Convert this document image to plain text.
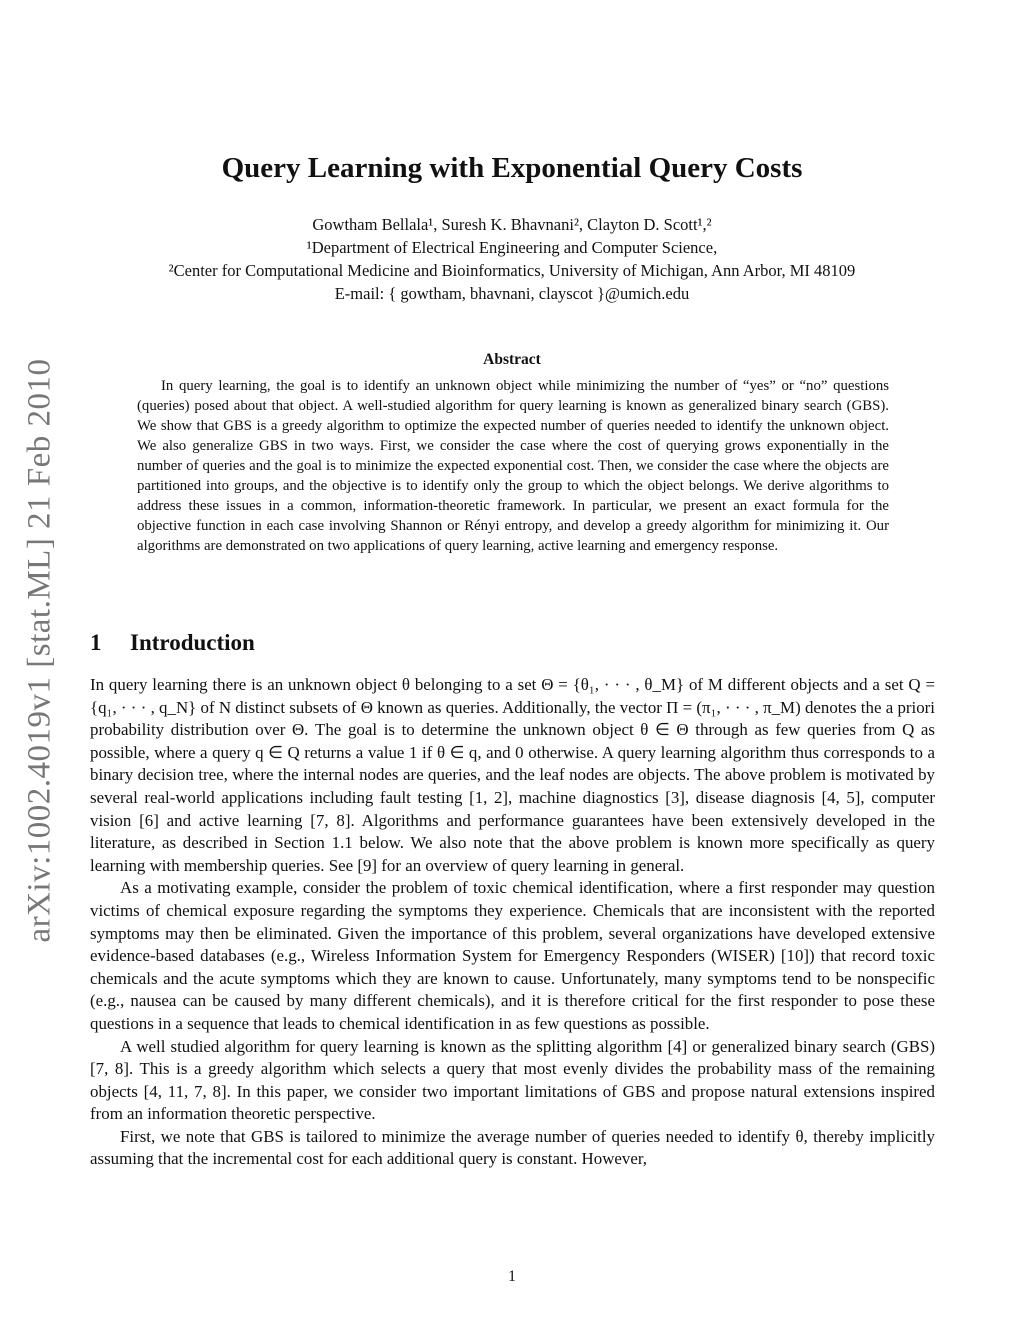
arXiv:1002.4019v1 [stat.ML] 21 Feb 2010
Query Learning with Exponential Query Costs
Gowtham Bellala¹, Suresh K. Bhavnani², Clayton D. Scott¹,²
¹Department of Electrical Engineering and Computer Science,
²Center for Computational Medicine and Bioinformatics, University of Michigan, Ann Arbor, MI 48109
E-mail: { gowtham, bhavnani, clayscot }@umich.edu
Abstract
In query learning, the goal is to identify an unknown object while minimizing the number of “yes” or “no” questions (queries) posed about that object. A well-studied algorithm for query learning is known as generalized binary search (GBS). We show that GBS is a greedy algorithm to optimize the expected number of queries needed to identify the unknown object. We also generalize GBS in two ways. First, we consider the case where the cost of querying grows exponentially in the number of queries and the goal is to minimize the expected exponential cost. Then, we consider the case where the objects are partitioned into groups, and the objective is to identify only the group to which the object belongs. We derive algorithms to address these issues in a common, information-theoretic framework. In particular, we present an exact formula for the objective function in each case involving Shannon or Rényi entropy, and develop a greedy algorithm for minimizing it. Our algorithms are demonstrated on two applications of query learning, active learning and emergency response.
1 Introduction

In query learning there is an unknown object θ belonging to a set Θ = {θ₁, · · · , θ_M} of M different objects and a set Q = {q₁, · · · , q_N} of N distinct subsets of Θ known as queries. Additionally, the vector Π = (π₁, · · · , π_M) denotes the a priori probability distribution over Θ. The goal is to determine the unknown object θ ∈ Θ through as few queries from Q as possible, where a query q ∈ Q returns a value 1 if θ ∈ q, and 0 otherwise. A query learning algorithm thus corresponds to a binary decision tree, where the internal nodes are queries, and the leaf nodes are objects. The above problem is motivated by several real-world applications including fault testing [1, 2], machine diagnostics [3], disease diagnosis [4, 5], computer vision [6] and active learning [7, 8]. Algorithms and performance guarantees have been extensively developed in the literature, as described in Section 1.1 below. We also note that the above problem is known more specifically as query learning with membership queries. See [9] for an overview of query learning in general.

As a motivating example, consider the problem of toxic chemical identification, where a first responder may question victims of chemical exposure regarding the symptoms they experience. Chemicals that are inconsistent with the reported symptoms may then be eliminated. Given the importance of this problem, several organizations have developed extensive evidence-based databases (e.g., Wireless Information System for Emergency Responders (WISER) [10]) that record toxic chemicals and the acute symptoms which they are known to cause. Unfortunately, many symptoms tend to be nonspecific (e.g., nausea can be caused by many different chemicals), and it is therefore critical for the first responder to pose these questions in a sequence that leads to chemical identification in as few questions as possible.

A well studied algorithm for query learning is known as the splitting algorithm [4] or generalized binary search (GBS) [7, 8]. This is a greedy algorithm which selects a query that most evenly divides the probability mass of the remaining objects [4, 11, 7, 8]. In this paper, we consider two important limitations of GBS and propose natural extensions inspired from an information theoretic perspective.

First, we note that GBS is tailored to minimize the average number of queries needed to identify θ, thereby implicitly assuming that the incremental cost for each additional query is constant. However,

1
